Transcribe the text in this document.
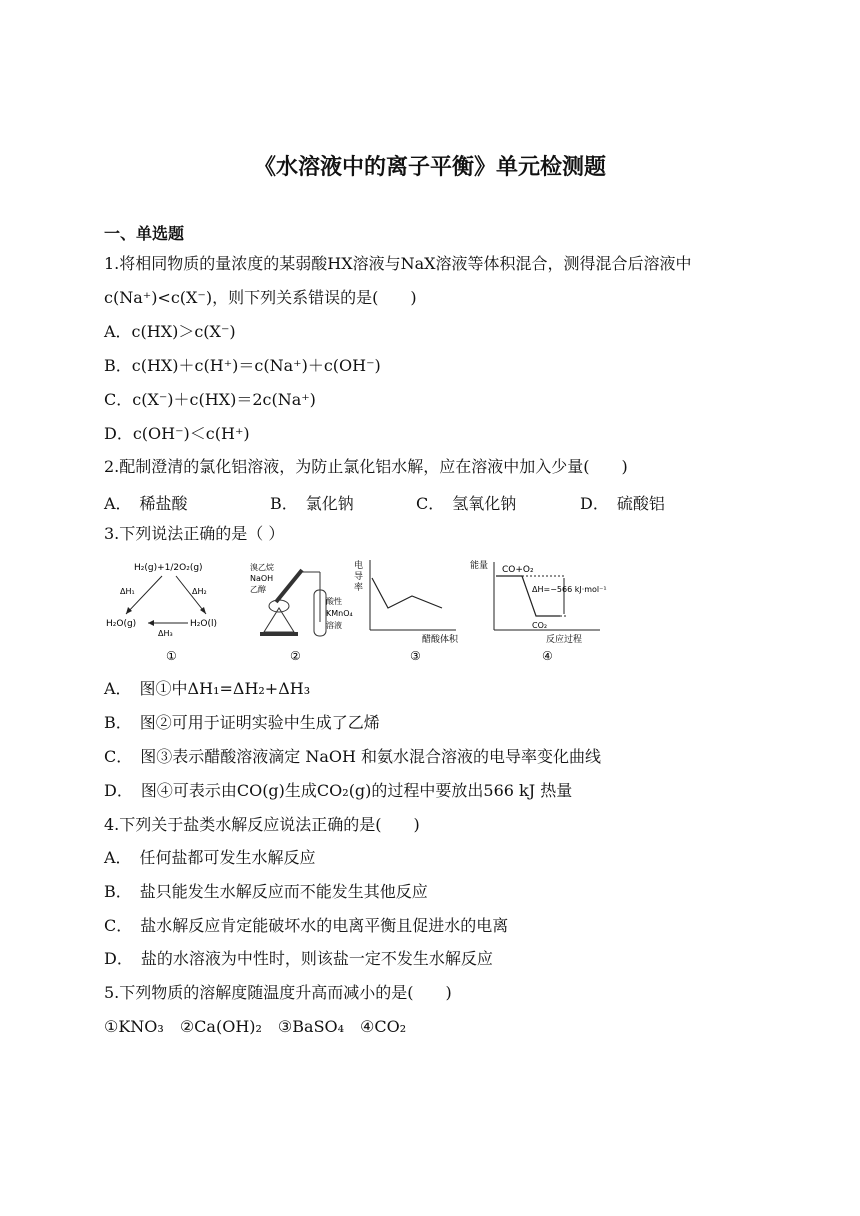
《水溶液中的离子平衡》单元检测题
一、单选题
1.将相同物质的量浓度的某弱酸HX溶液与NaX溶液等体积混合，测得混合后溶液中
c(Na⁺)<c(X⁻)，则下列关系错误的是(　　)
A．c(HX)＞c(X⁻)
B．c(HX)＋c(H⁺)＝c(Na⁺)＋c(OH⁻)
C．c(X⁻)＋c(HX)＝2c(Na⁺)
D．c(OH⁻)＜c(H⁺)
2.配制澄清的氯化铝溶液，为防止氯化铝水解，应在溶液中加入少量(　　)
A．　稀盐酸	B．　氯化钠	C．　氢氧化钠	D．　硫酸铝
3.下列说法正确的是（ ）
H₂(g)+1/2O₂(g)
H₂O(g)	H₂O(l)
ΔH₁	ΔH₂
ΔH₃
①
溴乙烷
NaOH
乙醇
酸性
KMnO₄
溶液
②
电
导
率
醋酸体积
③
能量 CO+O₂
CO₂
ΔH=−566 kJ·mol⁻¹
反应过程
④
A．　图①中ΔH₁=ΔH₂+ΔH₃
B．　图②可用于证明实验中生成了乙烯
C．　图③表示醋酸溶液滴定 NaOH 和氨水混合溶液的电导率变化曲线
D．　图④可表示由CO(g)生成CO₂(g)的过程中要放出566 kJ 热量
4.下列关于盐类水解反应说法正确的是(　　)
A．　任何盐都可发生水解反应
B．　盐只能发生水解反应而不能发生其他反应
C．　盐水解反应肯定能破坏水的电离平衡且促进水的电离
D．　盐的水溶液为中性时，则该盐一定不发生水解反应
5.下列物质的溶解度随温度升高而减小的是(　　)
①KNO₃　②Ca(OH)₂　③BaSO₄　④CO₂
